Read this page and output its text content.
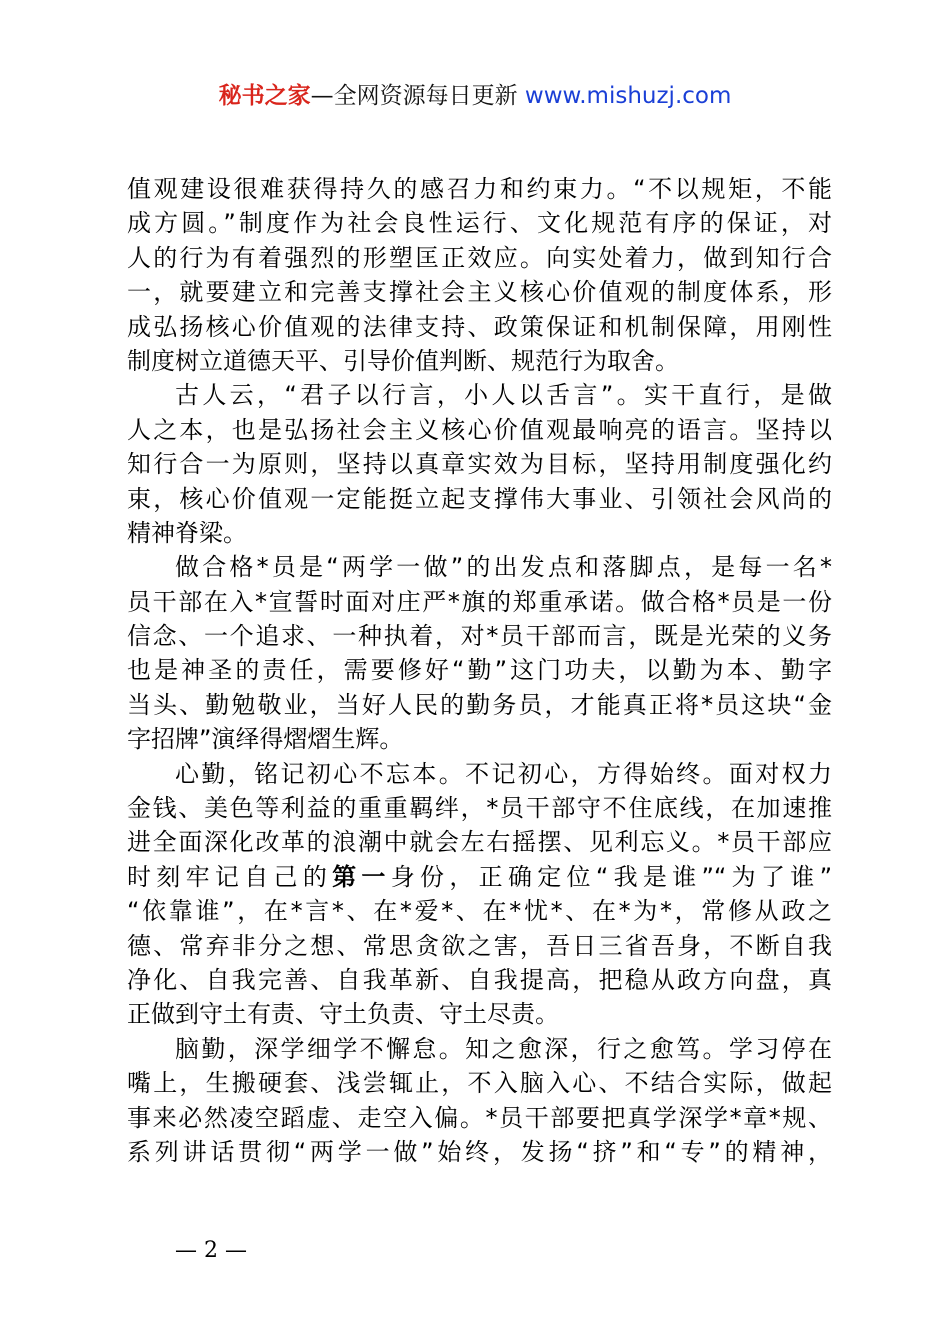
秘书之家—全网资源每日更新 www.mishuzj.com
值观建设很难获得持久的感召力和约束力。“不以规矩，不能
成方圆。”制度作为社会良性运行、文化规范有序的保证，对
人的行为有着强烈的形塑匡正效应。向实处着力，做到知行合
一，就要建立和完善支撑社会主义核心价值观的制度体系，形
成弘扬核心价值观的法律支持、政策保证和机制保障，用刚性
制度树立道德天平、引导价值判断、规范行为取舍。
古人云，“君子以行言，小人以舌言”。实干直行，是做
人之本，也是弘扬社会主义核心价值观最响亮的语言。坚持以
知行合一为原则，坚持以真章实效为目标，坚持用制度强化约
束，核心价值观一定能挺立起支撑伟大事业、引领社会风尚的
精神脊梁。
做合格*员是“两学一做”的出发点和落脚点，是每一名*
员干部在入*宣誓时面对庄严*旗的郑重承诺。做合格*员是一份
信念、一个追求、一种执着，对*员干部而言，既是光荣的义务
也是神圣的责任，需要修好“勤”这门功夫，以勤为本、勤字
当头、勤勉敬业，当好人民的勤务员，才能真正将*员这块“金
字招牌”演绎得熠熠生辉。
心勤，铭记初心不忘本。不记初心，方得始终。面对权力
金钱、美色等利益的重重羁绊，*员干部守不住底线，在加速推
进全面深化改革的浪潮中就会左右摇摆、见利忘义。*员干部应
时刻牢记自己的第一身份，正确定位“我是谁”“为了谁”
“依靠谁”，在*言*、在*爱*、在*忧*、在*为*，常修从政之
德、常弃非分之想、常思贪欲之害，吾日三省吾身，不断自我
净化、自我完善、自我革新、自我提高，把稳从政方向盘，真
正做到守土有责、守土负责、守土尽责。
脑勤，深学细学不懈怠。知之愈深，行之愈笃。学习停在
嘴上，生搬硬套、浅尝辄止，不入脑入心、不结合实际，做起
事来必然凌空蹈虚、走空入偏。*员干部要把真学深学*章*规、
系列讲话贯彻“两学一做”始终，发扬“挤”和“专”的精神，
— 2 —
